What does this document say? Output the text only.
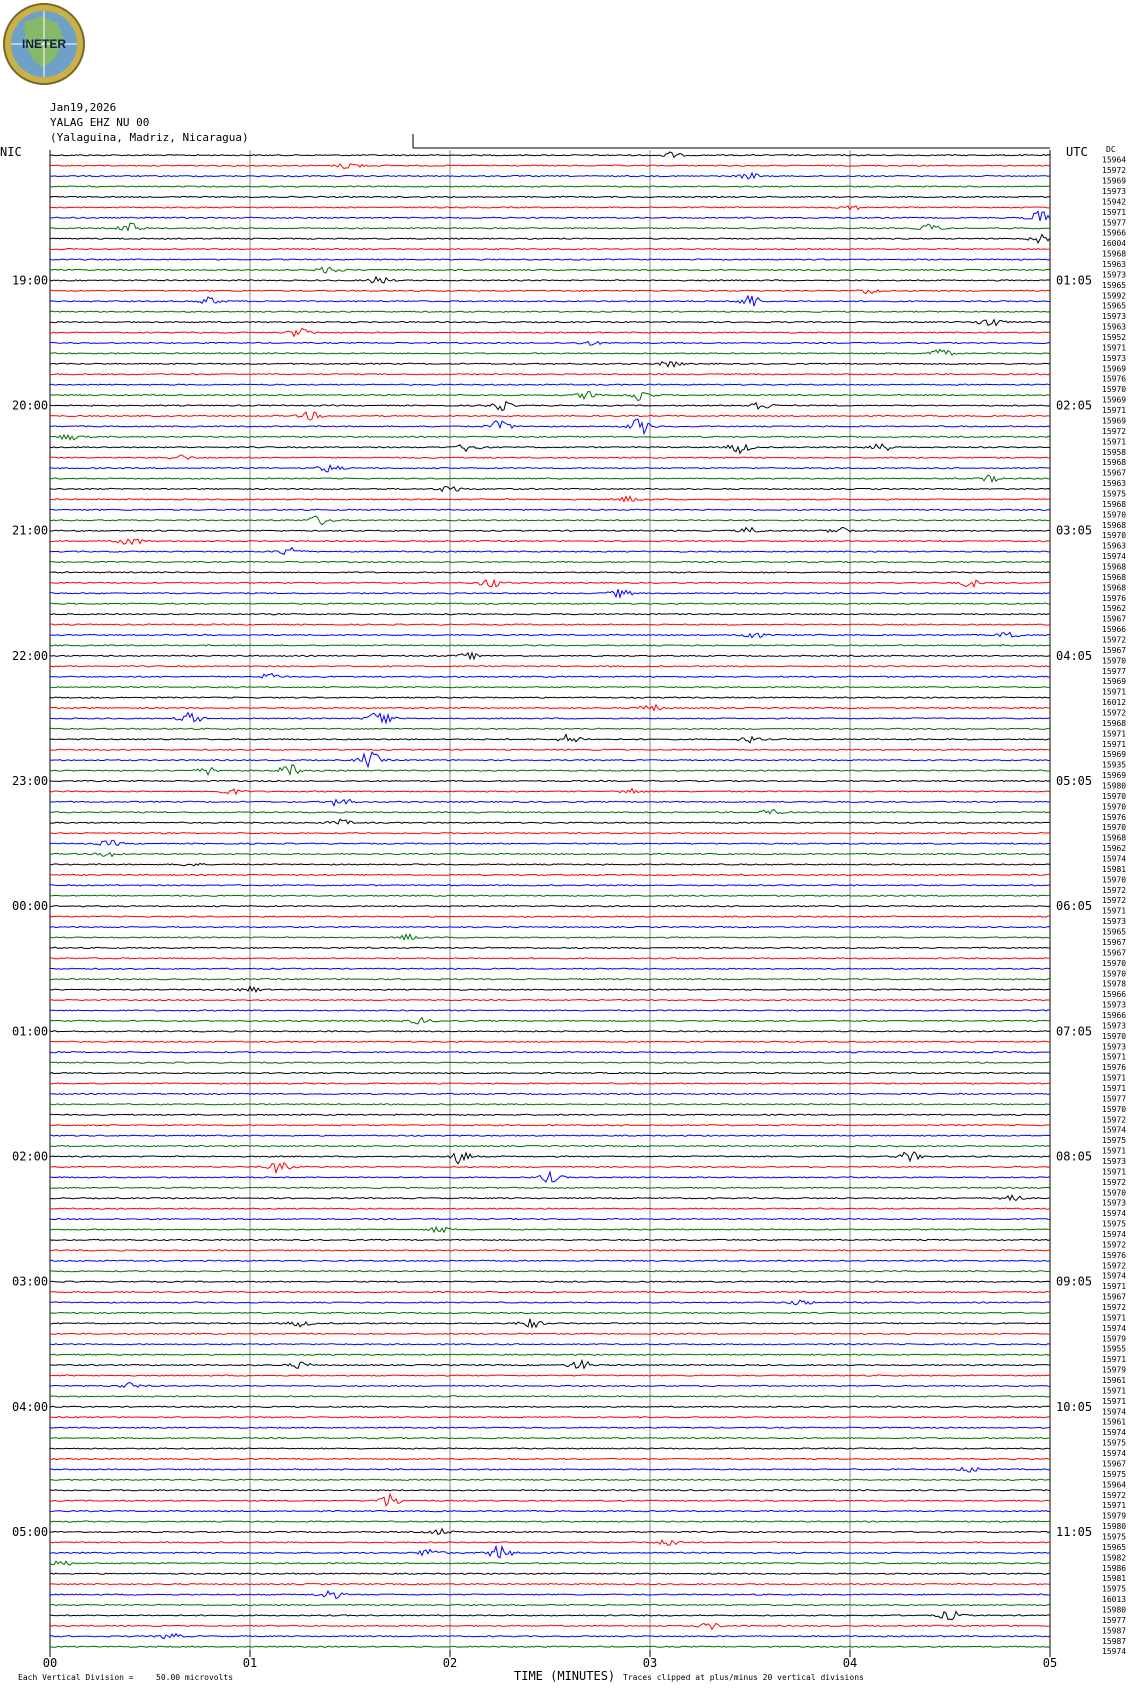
INETER
Jan19,2026
YALAG EHZ NU 00
(Yalaguina, Madriz, Nicaragua)
NIC	UTC DC
19:00
20:00
21:00
22:00
23:00
00:00
01:00
02:00
03:00
04:00
05:00
01:05
02:05
03:05
04:05
05:05
06:05
07:05
08:05
09:05
10:05
11:05
15964
15972
15969
15973
15942
15971
15977
15966
16004
15968
15963
15973
15965
15992
15965
15973
15963
15952
15971
15973
15969
15976
15970
15969
15971
15969
15972
15971
15958
15968
15967
15963
15975
15968
15970
15968
15970
15963
15974
15968
15968
15968
15976
15962
15967
15966
15972
15967
15970
15977
15969
15971
16012
15972
15968
15971
15971
15969
15935
15969
15980
15970
15970
15976
15970
15968
15962
15974
15981
15970
15972
15972
15971
15973
15965
15967
15967
15970
15970
15978
15966
15973
15966
15973
15970
15973
15971
15976
15971
15971
15977
15970
15972
15974
15975
15971
15973
15971
15972
15970
15973
15974
15975
15974
15972
15976
15972
15974
15971
15967
15972
15971
15974
15979
15955
15971
15979
15961
15971
15971
15974
15961
15974
15975
15974
15967
15975
15964
15972
15971
15979
15980
15975
15965
15982
15986
15981
15975
16013
15980
15977
15987
15987
15974
00	01	02	03	04	05
TIME (MINUTES)
Each Vertical Division =	50.00 microvolts	Traces clipped at plus/minus 20 vertical divisions
